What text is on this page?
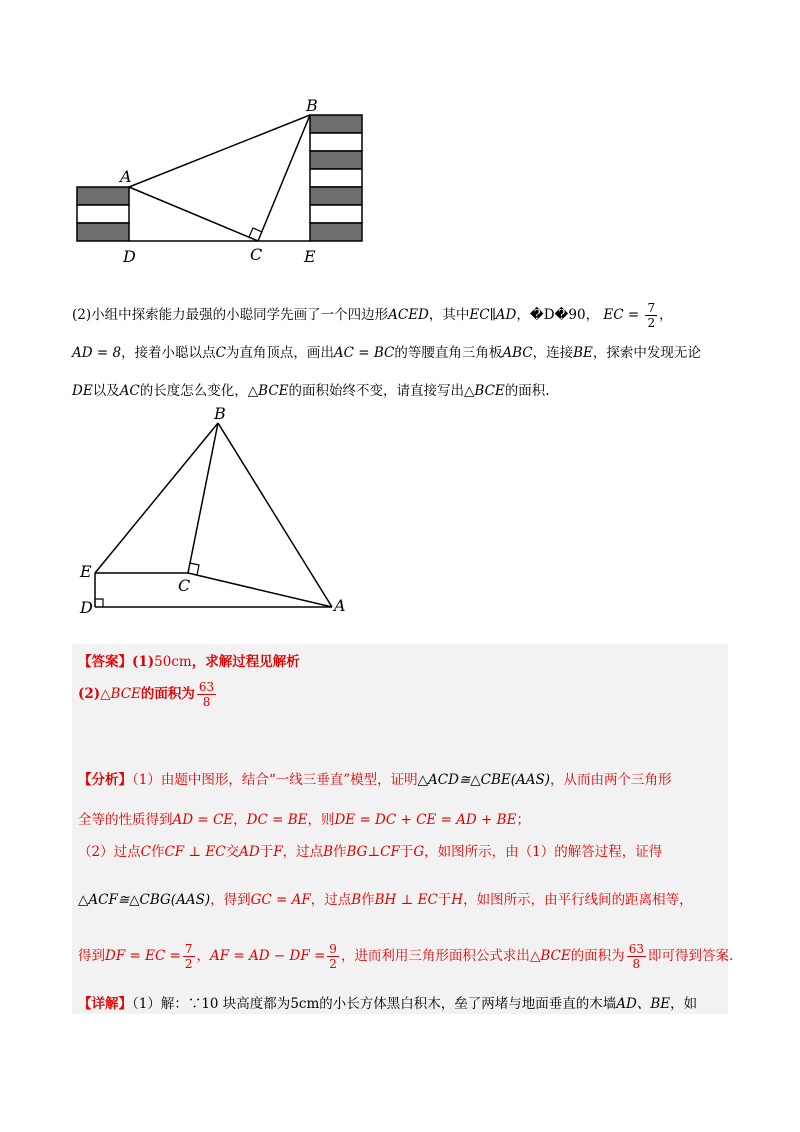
A
B
C
D	E

(2)小组中探索能力最强的小聪同学先画了一个四边形ACED，其中EC∥AD，�D�90， EC = $\frac{7}{2}$ ，

AD = 8，接着小聪以点C为直角顶点，画出AC = BC的等腰直角三角板ABC，连接BE，探索中发现无论

DE以及AC的长度怎么变化，△BCE的面积始终不变，请直接写出△BCE的面积.

B
E
C
D	A
【答案】(1)50cm，求解过程见解析
(2)△BCE的面积为 $\frac{63}{8}$
【分析】（1）由题中图形，结合“一线三垂直”模型，证明△ACD≅△CBE(AAS)，从而由两个三角形
全等的性质得到AD = CE，DC = BE，则DE = DC + CE = AD + BE；
（2）过点C作CF ⊥ EC交AD于F，过点B作BG⊥CF于G，如图所示，由（1）的解答过程，证得
△ACF≅△CBG(AAS)，得到GC = AF，过点B作BH ⊥ EC于H，如图所示，由平行线间的距离相等，
得到DF = EC = $\frac{7}{2}$ ，AF = AD − DF = $\frac{9}{2}$ ，进而利用三角形面积公式求出△BCE的面积为 $\frac{63}{8}$ 即可得到答案.
【详解】（1）解：∵10 块高度都为5cm的小长方体黑白积木，垒了两堵与地面垂直的木墙AD、BE，如
